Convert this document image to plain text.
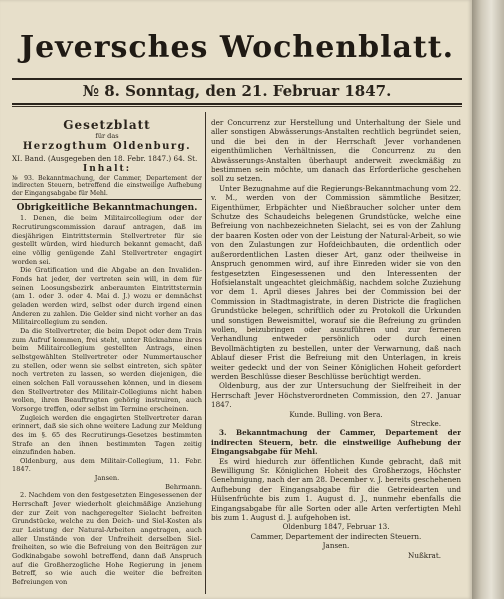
Jeversches Wochenblatt.
№ 8. Sonntag, den 21. Februar 1847.
Gesetzblatt
für das
Herzogthum Oldenburg.
XI. Band. (Ausgegeben den 18. Febr. 1847.) 64. St.
Inhalt:

№ 93. Bekanntmachung, der Cammer, Departement der indirecten Steuern, betreffend die einstweilige Aufhebung der Eingangsabgabe für Mehl.

Obrigkeitliche Bekanntmachungen.

1. Denen, die beim Militaircollegium oder der Recrutirungscommission darauf antragen, daß im diesjährigen Eintrittstermin Stellvertreter für sie gestellt würden, wird hiedurch bekannt gemacht, daß eine völlig genügende Zahl Stellvertreter engagirt worden sei.

Die Gratification und die Abgabe an den Invaliden-Fonds hat jeder, der vertreten sein will, in dem für seinen Loosungsbezirk anberaumten Eintrittstermin (am 1. oder 3. oder 4. Mai d. J.) wozu er demnächst geladen werden wird, selbst oder durch irgend einen Anderen zu zahlen. Die Gelder sind nicht vorher an das Militaircollegium zu senden.

Da die Stellvertreter, die beim Depot oder dem Train zum Aufruf kommen, frei steht, unter Rücknahme ihres beim Militaircollegium gestellten Antrags, einen selbstgewählten Stellvertreter oder Nummertauscher zu stellen, oder wenn sie selbst eintreten, sich später noch vertreten zu lassen, so werden diejenigen, die einen solchen Fall voraussehen können, und in diesem den Stellvertreter des Militair-Collegiums nicht haben wollen, ihren Beauftragten gehörig instruiren, auch Vorsorge treffen, oder selbst im Termine erscheinen.

Zugleich werden die engagirten Stellvertreter daran erinnert, daß sie sich ohne weitere Ladung zur Meldung des im §. 65 des Recrutirungs-Gesetzes bestimmten Strafe an den ihnen bestimmten Tagen zeitig einzufinden haben.

Oldenburg, aus dem Militair-Collegium, 11. Febr. 1847.

Jansen.
Behrmann.

2. Nachdem von den festgesetzten Eingesessenen der Herrschaft Jever wiederholt gleichmäßige Anziehung der zur Zeit von nachgeregelter Sielacht befreiten Grundstücke, welche zu den Deich- und Siel-Kosten als zur Leistung der Natural-Arbeiten angetragen, auch aller Umstände von der Unfreiheit derselben Siel-freiheiten, so wie die Befreiung von den Beiträgen zur Godkinabgabe sowohl betreffend, dann daß Anspruch auf die Großherzogliche Hohe Regierung in jenem Betreff, so wie auch die weiter die befreiten Befreiungen von

der Concurrenz zur Herstellung und Unterhaltung der Siele und aller sonstigen Abwässerungs-Anstalten rechtlich begründet seien, und die bei den in der Herrschaft Jever vorhandenen eigenthümlichen Verhältnissen, die Concurrenz zu den Abwässerungs-Anstalten überhaupt anderweit zweckmäßig zu bestimmen sein möchte, um danach das Erforderliche geschehen soll zu setzen.

Unter Bezugnahme auf die Regierungs-Bekanntmachung vom 22. v. M., werden von der Commission sämmtliche Besitzer, Eigenthümer, Erbpächter und Nießbraucher solcher unter dem Schutze des Schaudeichs belegenen Grundstücke, welche eine Befreiung von nachbezeichneten Sielacht, sei es von der Zahlung der baaren Kosten oder von der Leistung der Natural-Arbeit, so wie von den Zulastungen zur Hofdeichbauten, die ordentlich oder außerordentlichen Lasten dieser Art, ganz oder theilweise in Anspruch genommen wird, auf ihre Einreden wider sie von den festgesetzten Eingesessenen und den Interessenten der Hofsielanstalt ungeachtet gleichmäßig, nachdem solche Zuziehung vor dem 1. April dieses Jahres bei der Commission bei der Commission in Stadtmagistrate, in deren Districte die fraglichen Grundstücke belegen, schriftlich oder zu Protokoll die Urkunden und sonstigen Beweismittel, worauf sie die Befreiung zu gründen wollen, beizubringen oder auszuführen und zur ferneren Verhandlung entweder persönlich oder durch einen Bevollmächtigten zu bestellen, unter der Verwarnung, daß nach Ablauf dieser Frist die Befreiung mit den Unterlagen, in kreis weiter gedeckt und der von Seiner Königlichen Hoheit gefordert werden Beschlüsse dieser Beschlüsse berüchtigt werden.

Oldenburg, aus der zur Untersuchung der Sielfreiheit in der Herrschaft Jever Höchstverordneten Commission, den 27. Januar 1847.

Kunde. Bulling. von Bera.
Strecke.

3. Bekanntmachung der Cammer, Departement der indirecten Steuern, betr. die einstweilige Aufhebung der Eingangsabgabe für Mehl.

Es wird hiedurch zur öffentlichen Kunde gebracht, daß mit Bewilligung Sr. Königlichen Hoheit des Großherzogs, Höchster Genehmigung, nach der am 28. December v. J. bereits geschehenen Aufhebung der Eingangsabgabe für die Getreidearten und Hülsenfrüchte bis zum 1. August d. J., nunmehr ebenfalls die Eingangsabgabe für alle Sorten oder alle Arten verfertigten Mehl bis zum 1. August d. J. aufgehoben ist.

Oldenburg 1847, Februar 13.
Cammer, Departement der indirecten Steuern.
Jansen.
Nußkrat.
